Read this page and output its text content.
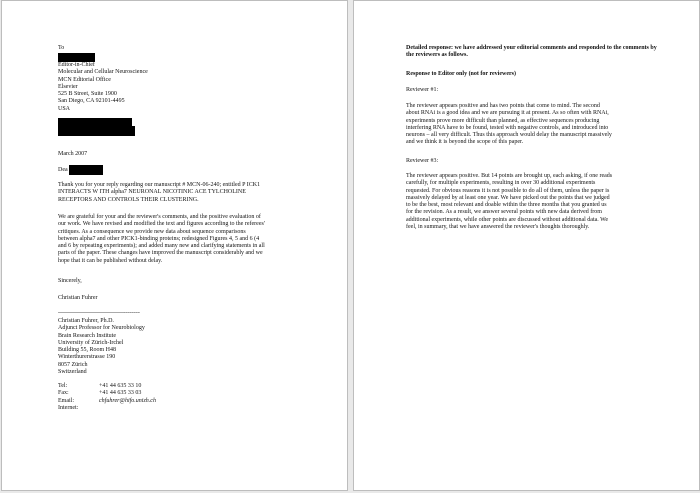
To
Editor-in-Chief
Molecular and Cellular Neuroscience
MCN Editorial Office
Elsevier
525 B Street, Suite 1900
San Diego, CA 92101-4495
USA
March 2007
Dea
Thank you for your reply regarding our manuscript # MCN-06-240; entitled P ICK1
INTERACTS W ITH alpha7 NEURONAL NICOTINIC ACE TYLCHOLINE
RECEPTORS AND CONTROLS THEIR CLUSTERING.
We are grateful for your and the reviewer's comments, and the positive evaluation of
our work. We have revised and modified the text and figures according to the referees'
critiques. As a consequence we provide new data about sequence comparisons
between alpha7 and other PICK1-binding proteins; redesigned Figures 4, 5 and 6 (4
and 6 by repeating experiments); and added many new and clarifying statements in all
parts of the paper. These changes have improved the manuscript considerably and we
hope that it can be published without delay.
Sincerely,
Christian Fuhrer
-----------------------------------------
Christian Fuhrer, Ph.D.
Adjunct Professor for Neurobiology
Brain Research Institute
University of Zürich-Irchel
Building 55, Room H48
Winterthurerstrasse 190
8057 Zürich
Switzerland
Tel:	+41 44 635 33 10
Fax:	+41 44 635 33 03
Email:	chfuhrer@hifo.unizh.ch
Internet:
Detailed response: we have addressed your editorial comments and responded to the comments by the reviewers as follows.
Response to Editor only (not for reviewers)
Reviewer #1:
The reviewer appears positive and has two points that come to mind. The second
about RNAi is a good idea and we are pursuing it at present. As so often with RNAi,
experiments prove more difficult than planned, as effective sequences producing
interfering RNA have to be found, tested with negative controls, and introduced into
neurons – all very difficult. Thus this approach would delay the manuscript massively
and we think it is beyond the scope of this paper.
Reviewer #3:
The reviewer appears positive. But 14 points are brought up, each asking, if one reads
carefully, for multiple experiments, resulting in over 30 additional experiments
requested. For obvious reasons it is not possible to do all of them, unless the paper is
massively delayed by at least one year. We have picked out the points that we judged
to be the best, most relevant and doable within the three months that you granted us
for the revision. As a result, we answer several points with new data derived from
additional experiments, while other points are discussed without additional data. We
feel, in summary, that we have answered the reviewer's thoughts thoroughly.
